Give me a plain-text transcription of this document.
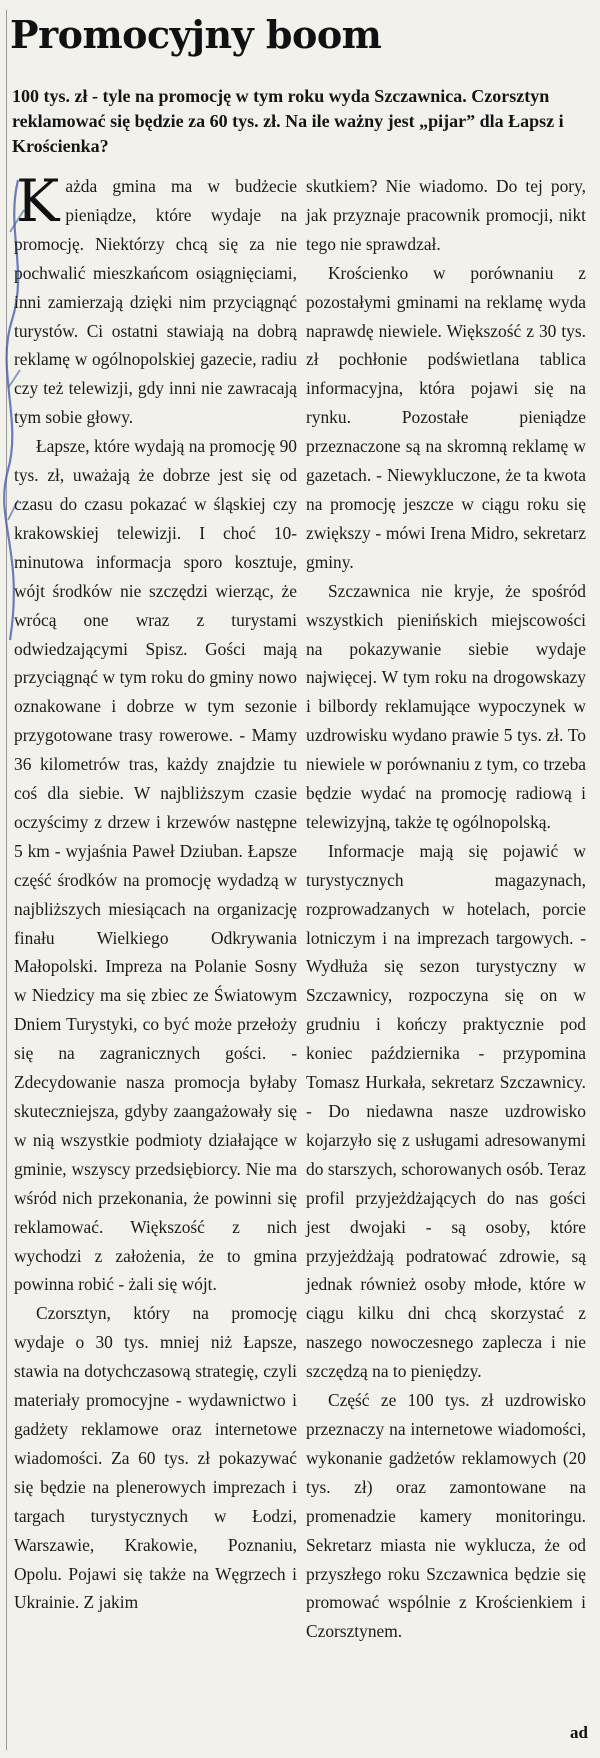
Promocyjny boom

100 tys. zł - tyle na promocję w tym roku wyda Szczawnica. Czorsztyn reklamować się będzie za 60 tys. zł. Na ile ważny jest „pijar” dla Łapsz i Krościenka?

Każda gmina ma w budżecie pieniądze, które wydaje na promocję. Niektórzy chcą się za nie pochwalić mieszkańcom osiągnięciami, inni zamierzają dzięki nim przyciągnąć turystów. Ci ostatni stawiają na dobrą reklamę w ogólnopolskiej gazecie, radiu czy też telewizji, gdy inni nie zawracają tym sobie głowy.

Łapsze, które wydają na promocję 90 tys. zł, uważają że dobrze jest się od czasu do czasu pokazać w śląskiej czy krakowskiej telewizji. I choć 10-minutowa informacja sporo kosztuje, wójt środków nie szczędzi wierząc, że wrócą one wraz z turystami odwiedzającymi Spisz. Gości mają przyciągnąć w tym roku do gminy nowo oznakowane i dobrze w tym sezonie przygotowane trasy rowerowe. - Mamy 36 kilometrów tras, każdy znajdzie tu coś dla siebie. W najbliższym czasie oczyścimy z drzew i krzewów następne 5 km - wyjaśnia Paweł Dziuban. Łapsze część środków na promocję wydadzą w najbliższych miesiącach na organizację finału Wielkiego Odkrywania Małopolski. Impreza na Polanie Sosny w Niedzicy ma się zbiec ze Światowym Dniem Turystyki, co być może przełoży się na zagranicznych gości. - Zdecydowanie nasza promocja byłaby skuteczniejsza, gdyby zaangażowały się w nią wszystkie podmioty działające w gminie, wszyscy przedsiębiorcy. Nie ma wśród nich przekonania, że powinni się reklamować. Większość z nich wychodzi z założenia, że to gmina powinna robić - żali się wójt.

Czorsztyn, który na promocję wydaje o 30 tys. mniej niż Łapsze, stawia na dotychczasową strategię, czyli materiały promocyjne - wydawnictwo i gadżety reklamowe oraz internetowe wiadomości. Za 60 tys. zł pokazywać się będzie na plenerowych imprezach i targach turystycznych w Łodzi, Warszawie, Krakowie, Poznaniu, Opolu. Pojawi się także na Węgrzech i Ukrainie. Z jakim

skutkiem? Nie wiadomo. Do tej pory, jak przyznaje pracownik promocji, nikt tego nie sprawdzał.

Krościenko w porównaniu z pozostałymi gminami na reklamę wyda naprawdę niewiele. Większość z 30 tys. zł pochłonie podświetlana tablica informacyjna, która pojawi się na rynku. Pozostałe pieniądze przeznaczone są na skromną reklamę w gazetach. - Niewykluczone, że ta kwota na promocję jeszcze w ciągu roku się zwiększy - mówi Irena Midro, sekretarz gminy.

Szczawnica nie kryje, że spośród wszystkich pienińskich miejscowości na pokazywanie siebie wydaje najwięcej. W tym roku na drogowskazy i bilbordy reklamujące wypoczynek w uzdrowisku wydano prawie 5 tys. zł. To niewiele w porównaniu z tym, co trzeba będzie wydać na promocję radiową i telewizyjną, także tę ogólnopolską.

Informacje mają się pojawić w turystycznych magazynach, rozprowadzanych w hotelach, porcie lotniczym i na imprezach targowych. - Wydłuża się sezon turystyczny w Szczawnicy, rozpoczyna się on w grudniu i kończy praktycznie pod koniec października - przypomina Tomasz Hurkała, sekretarz Szczawnicy. - Do niedawna nasze uzdrowisko kojarzyło się z usługami adresowanymi do starszych, schorowanych osób. Teraz profil przyjeżdżających do nas gości jest dwojaki - są osoby, które przyjeżdżają podratować zdrowie, są jednak również osoby młode, które w ciągu kilku dni chcą skorzystać z naszego nowoczesnego zaplecza i nie szczędzą na to pieniędzy.

Część ze 100 tys. zł uzdrowisko przeznaczy na internetowe wiadomości, wykonanie gadżetów reklamowych (20 tys. zł) oraz zamontowane na promenadzie kamery monitoringu. Sekretarz miasta nie wyklucza, że od przyszłego roku Szczawnica będzie się promować wspólnie z Krościenkiem i Czorsztynem.

ad
